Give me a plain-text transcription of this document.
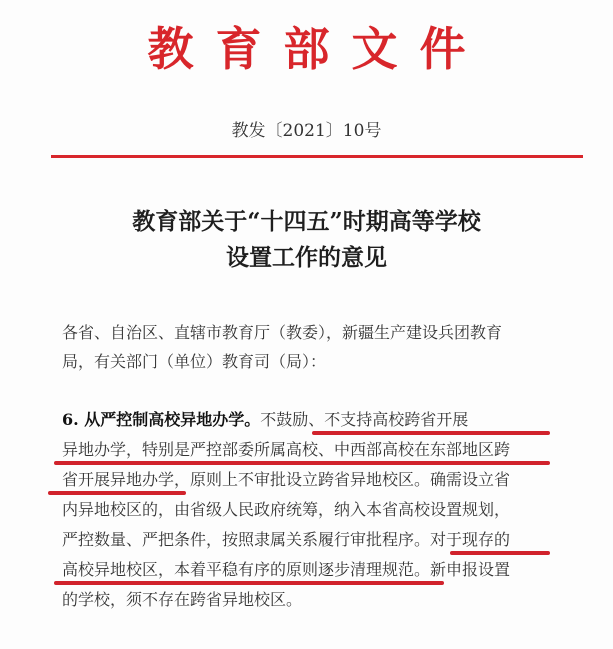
教育部文件
教发〔2021〕10号
教育部关于“十四五”时期高等学校
设置工作的意见
各省、自治区、直辖市教育厅（教委），新疆生产建设兵团教育
局，有关部门（单位）教育司（局）：
6. 从严控制高校异地办学。不鼓励、不支持高校跨省开展
异地办学，特别是严控部委所属高校、中西部高校在东部地区跨
省开展异地办学，原则上不审批设立跨省异地校区。确需设立省
内异地校区的，由省级人民政府统筹，纳入本省高校设置规划，
严控数量、严把条件，按照隶属关系履行审批程序。对于现存的
高校异地校区，本着平稳有序的原则逐步清理规范。新申报设置
的学校，须不存在跨省异地校区。
